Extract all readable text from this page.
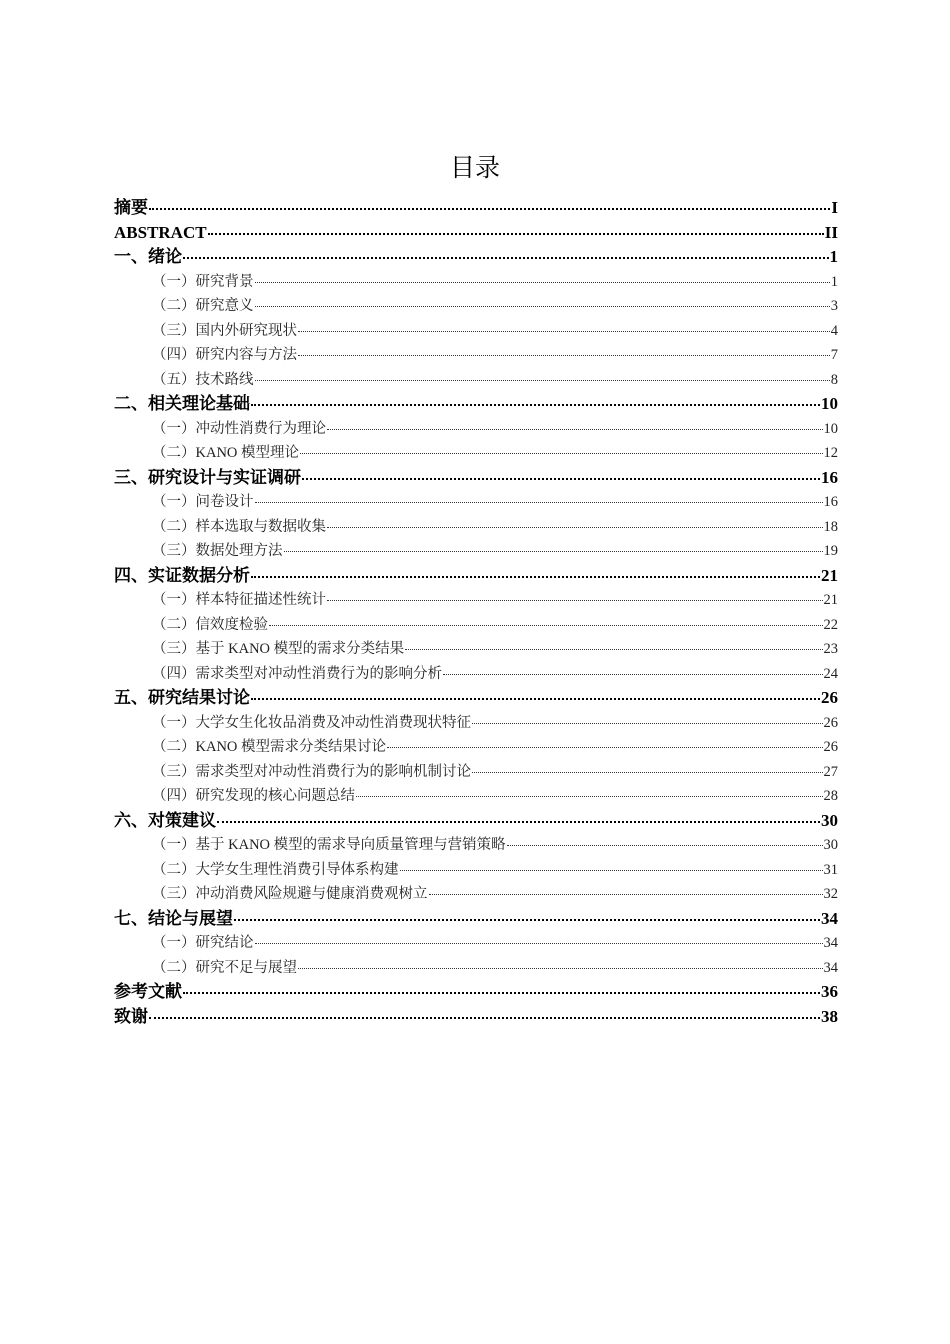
目录
摘要	I
ABSTRACT	II
一、绪论	1
（一）研究背景	1
（二）研究意义	3
（三）国内外研究现状	4
（四）研究内容与方法	7
（五）技术路线	8
二、相关理论基础	10
（一）冲动性消费行为理论	10
（二）KANO 模型理论	12
三、研究设计与实证调研	16
（一）问卷设计	16
（二）样本选取与数据收集	18
（三）数据处理方法	19
四、实证数据分析	21
（一）样本特征描述性统计	21
（二）信效度检验	22
（三）基于 KANO 模型的需求分类结果	23
（四）需求类型对冲动性消费行为的影响分析	24
五、研究结果讨论	26
（一）大学女生化妆品消费及冲动性消费现状特征	26
（二）KANO 模型需求分类结果讨论	26
（三）需求类型对冲动性消费行为的影响机制讨论	27
（四）研究发现的核心问题总结	28
六、对策建议	30
（一）基于 KANO 模型的需求导向质量管理与营销策略	30
（二）大学女生理性消费引导体系构建	31
（三）冲动消费风险规避与健康消费观树立	32
七、结论与展望	34
（一）研究结论	34
（二）研究不足与展望	34
参考文献	36
致谢	38
